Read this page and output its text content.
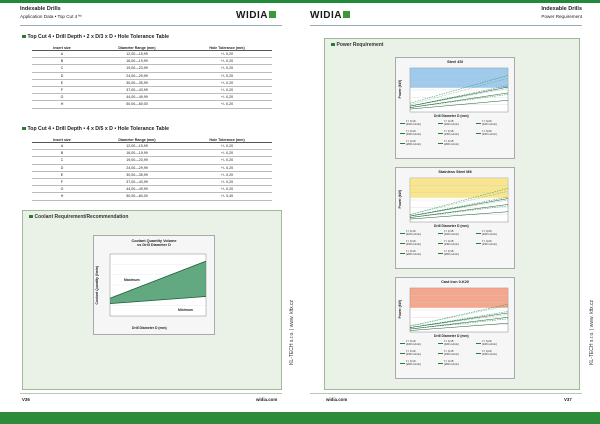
Indexable Drills
Application Data • Top Cut 4™	WIDIA
Top Cut 4 • Drill Depth • 2 x D/3 x D • Hole Tolerance Table
Insert size	Diameter Range (mm)	Hole Tolerance (mm)
A	12,00—15,99	+/- 0,20
B	16,00—19,99	+/- 0,20
C	19,00—23,99	+/- 0,20
D	24,00—29,99	+/- 0,20
E	30,00—35,99	+/- 0,20
F	37,00—43,99	+/- 0,20
G	44,00—49,99	+/- 0,20
H	50,00—60,00	+/- 0,20
Top Cut 4 • Drill Depth • 4 x D/5 x D • Hole Tolerance Table
Insert size	Diameter Range (mm)	Hole Tolerance (mm)
A	12,00—15,99	+/- 0,20
B	16,00—19,99	+/- 0,20
C	19,00—23,99	+/- 0,20
D	24,00—29,99	+/- 0,20
E	30,00—35,99	+/- 0,20
F	37,00—43,99	+/- 0,20
G	44,00—49,99	+/- 0,20
H	50,00—60,00	+/- 0,40
Coolant Requirement/Recommendation
Coolant Quantity Volume
vs Drill Diameter D
Coolant Quantity (l/min)
Drill Diameter D (mm)
Maximum
Minimum
V36	widia.com
KL-TECH s.r.o. | www. kltx.cz
WIDIA
Indexable Drills
Power Requirement
Power Requirement
Steel 4SI
Power (kW)
Drill Diameter D (mm)
f = 0,10
(100 m/min)
f = 0,15
(100 m/min)
f = 0,20
(100 m/min)
f = 0,10
(150 m/min)
f = 0,15
(150 m/min)
f = 0,20
(150 m/min)
f = 0,10
(200 m/min)
f = 0,15
(200 m/min)
Stainless Steel M8
Power (kW)
Drill Diameter D (mm)
f = 0,10
(100 m/min)
f = 0,15
(100 m/min)
f = 0,20
(100 m/min)
f = 0,10
(150 m/min)
f = 0,15
(150 m/min)
f = 0,20
(150 m/min)
f = 0,10
(200 m/min)
f = 0,15
(200 m/min)
Cast Iron 0-K20
Power (kW)
Drill Diameter D (mm)
f = 0,10
(100 m/min)
f = 0,15
(100 m/min)
f = 0,20
(100 m/min)
f = 0,10
(150 m/min)
f = 0,15
(150 m/min)
f = 0,20
(150 m/min)
f = 0,10
(200 m/min)
f = 0,15
(200 m/min)
widia.com	V37
KL-TECH s.r.o. | www. kltx.cz
